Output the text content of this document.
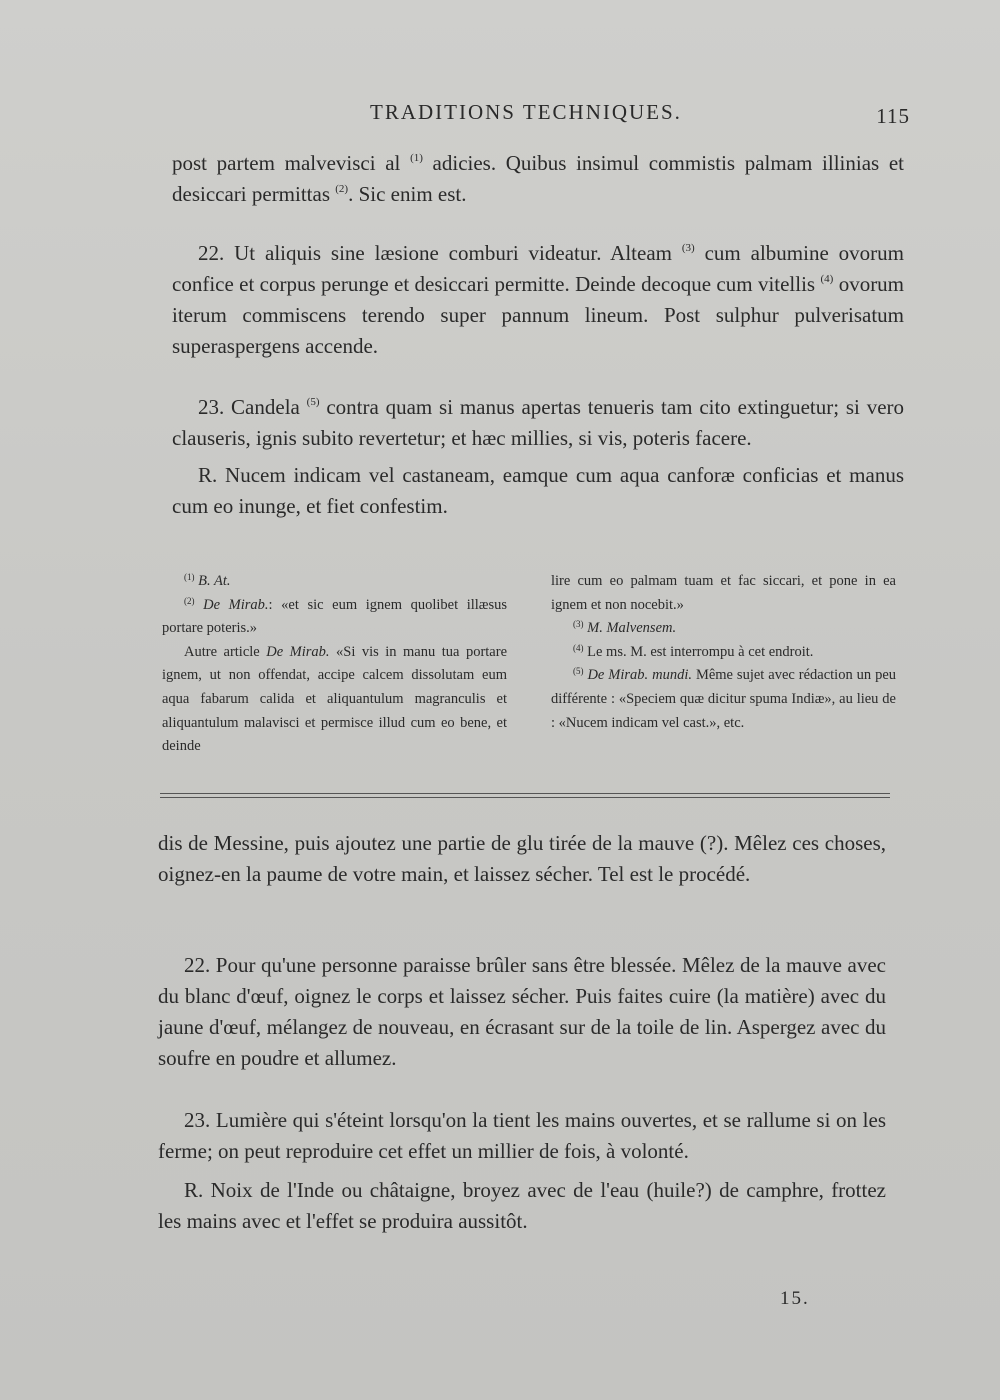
TRADITIONS TECHNIQUES.	115

post partem malvevisci al $^{(1)}$ adicies. Quibus insimul commistis palmam illinias et desiccari permittas $^{(2)}$. Sic enim est.

22. Ut aliquis sine læsione comburi videatur. Alteam $^{(3)}$ cum albumine ovorum confice et corpus perunge et desiccari permitte. Deinde decoque cum vitellis $^{(4)}$ ovorum iterum commiscens terendo super pannum lineum. Post sulphur pulverisatum superaspergens accende.

23. Candela $^{(5)}$ contra quam si manus apertas tenueris tam cito extinguetur; si vero clauseris, ignis subito revertetur; et hæc millies, si vis, poteris facere.

R. Nucem indicam vel castaneam, eamque cum aqua canforæ conficias et manus cum eo inunge, et fiet confestim.

$^{(1)}$ B. At.

$^{(2)}$ De Mirab.: «et sic eum ignem quolibet illæsus portare poteris.»

Autre article De Mirab. «Si vis in manu tua portare ignem, ut non offendat, accipe calcem dissolutam eum aqua fabarum calida et aliquantulum magranculis et aliquantulum malavisci et permisce illud cum eo bene, et deinde

lire cum eo palmam tuam et fac siccari, et pone in ea ignem et non nocebit.»

$^{(3)}$ M. Malvensem.

$^{(4)}$ Le ms. M. est interrompu à cet endroit.

$^{(5)}$ De Mirab. mundi. Même sujet avec rédaction un peu différente : «Speciem quæ dicitur spuma Indiæ», au lieu de : «Nucem indicam vel cast.», etc.

dis de Messine, puis ajoutez une partie de glu tirée de la mauve (?). Mêlez ces choses, oignez-en la paume de votre main, et laissez sécher. Tel est le procédé.

22. Pour qu'une personne paraisse brûler sans être blessée. Mêlez de la mauve avec du blanc d'œuf, oignez le corps et laissez sécher. Puis faites cuire (la matière) avec du jaune d'œuf, mélangez de nouveau, en écrasant sur de la toile de lin. Aspergez avec du soufre en poudre et allumez.

23. Lumière qui s'éteint lorsqu'on la tient les mains ouvertes, et se rallume si on les ferme; on peut reproduire cet effet un millier de fois, à volonté.

R. Noix de l'Inde ou châtaigne, broyez avec de l'eau (huile?) de camphre, frottez les mains avec et l'effet se produira aussitôt.

15.
